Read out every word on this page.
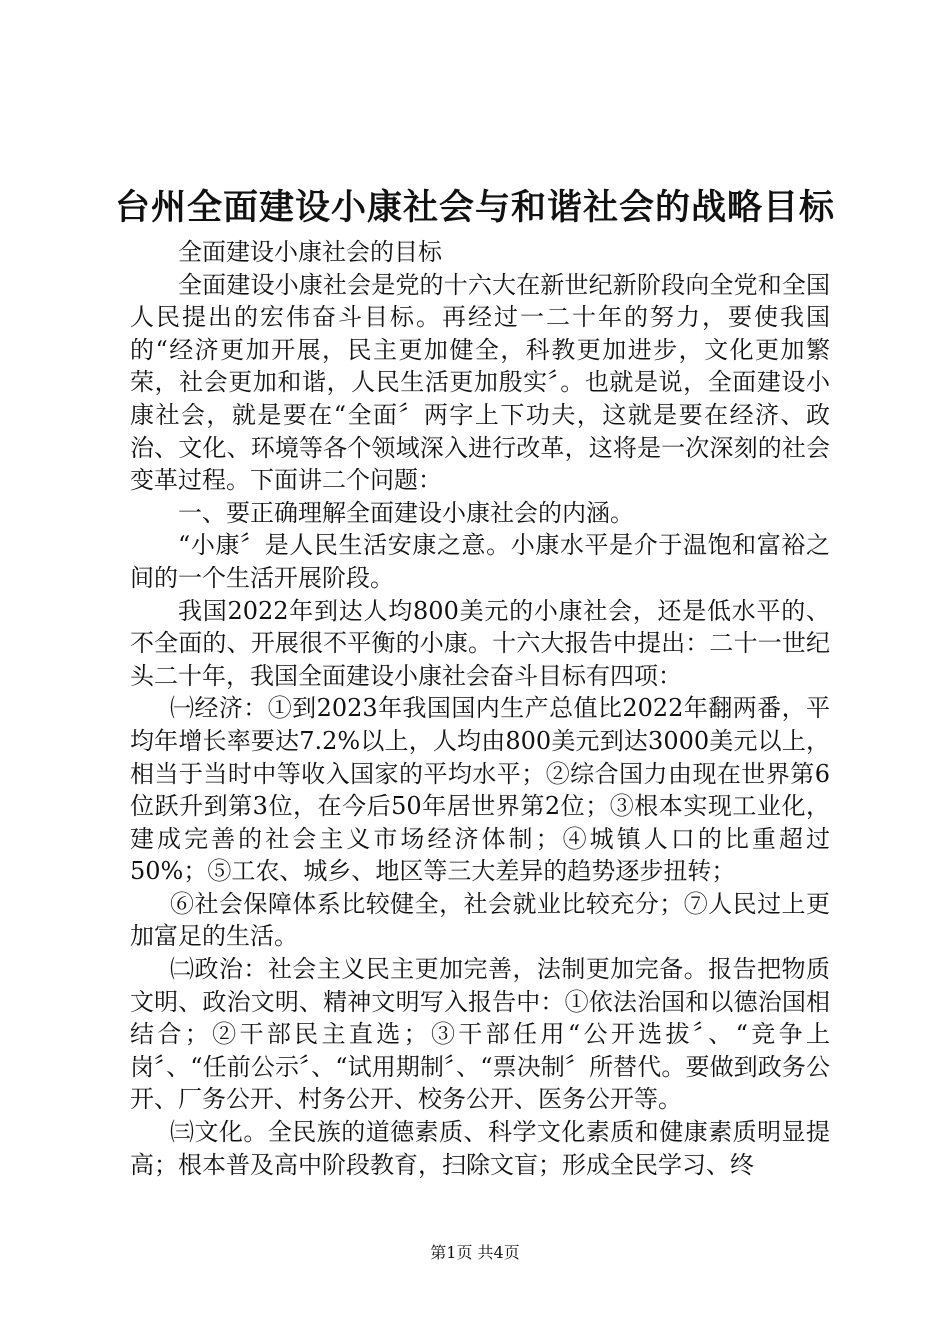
台州全面建设小康社会与和谐社会的战略目标

全面建设小康社会的目标

全面建设小康社会是党的十六大在新世纪新阶段向全党和全国人民提出的宏伟奋斗目标。再经过一二十年的努力，要使我国的“经济更加开展，民主更加健全，科教更加进步，文化更加繁荣，社会更加和谐，人民生活更加殷实〞。也就是说，全面建设小康社会，就是要在“全面〞两字上下功夫，这就是要在经济、政治、文化、环境等各个领域深入进行改革，这将是一次深刻的社会变革过程。下面讲二个问题：

一、要正确理解全面建设小康社会的内涵。

“小康〞是人民生活安康之意。小康水平是介于温饱和富裕之间的一个生活开展阶段。

我国2022年到达人均800美元的小康社会，还是低水平的、不全面的、开展很不平衡的小康。十六大报告中提出：二十一世纪头二十年，我国全面建设小康社会奋斗目标有四项：

㈠经济：①到2023年我国国内生产总值比2022年翻两番，平均年增长率要达7.2%以上，人均由800美元到达3000美元以上，相当于当时中等收入国家的平均水平；②综合国力由现在世界第6位跃升到第3位，在今后50年居世界第2位；③根本实现工业化，建成完善的社会主义市场经济体制；④城镇人口的比重超过50%；⑤工农、城乡、地区等三大差异的趋势逐步扭转；

⑥社会保障体系比较健全，社会就业比较充分；⑦人民过上更加富足的生活。

㈡政治：社会主义民主更加完善，法制更加完备。报告把物质文明、政治文明、精神文明写入报告中：①依法治国和以德治国相结合；②干部民主直选；③干部任用“公开选拔〞、“竞争上岗〞、“任前公示〞、“试用期制〞、“票决制〞所替代。要做到政务公开、厂务公开、村务公开、校务公开、医务公开等。

㈢文化。全民族的道德素质、科学文化素质和健康素质明显提高；根本普及高中阶段教育，扫除文盲；形成全民学习、终

第1页 共4页
